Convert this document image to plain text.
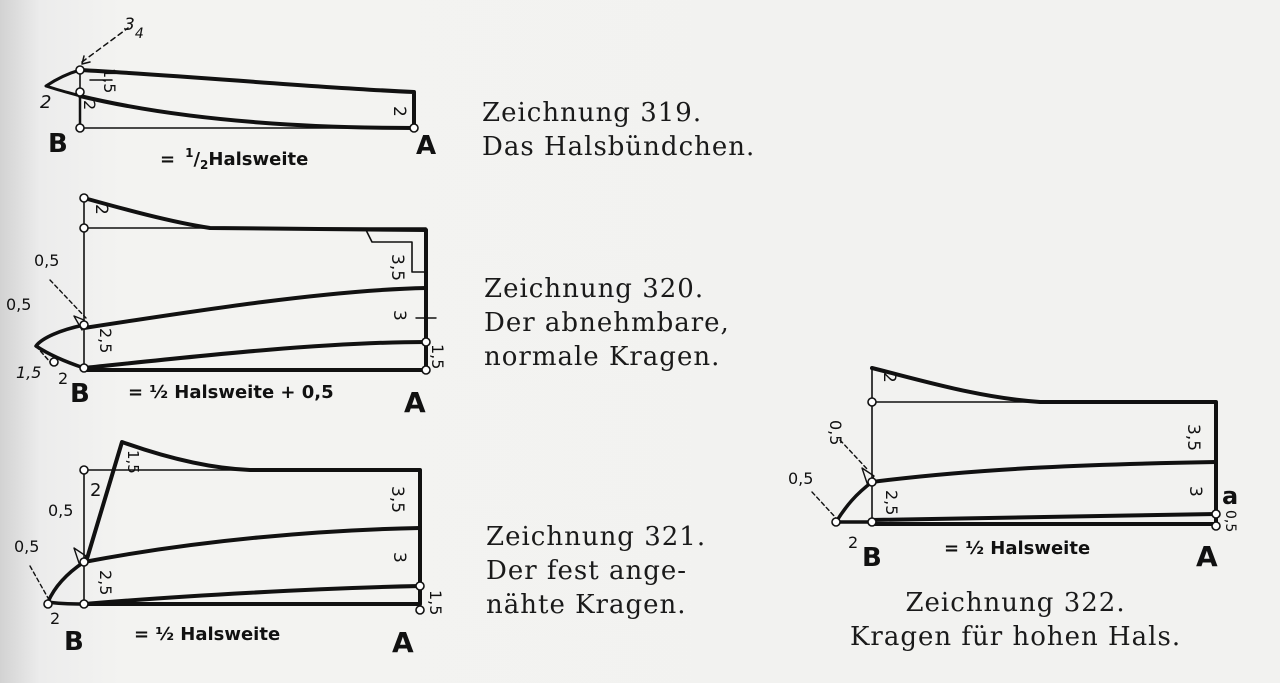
$3_4$
2
1,5
2
2
B	A
= $^1/_2Halsweite$
2
3,5
3
2,5
1,5
0,5
0,5
1,5 2
B	A
= ½ Halsweite + 0,5
1,5
2	3,5
3
2,5
1,5
0,5
0,5
2
B	A
= ½ Halsweite
2
3,5
3
2,5
0,5
0,5
0,5
2
B	A
a
= ½ Halsweite
Zeichnung 319.
Das Halsbündchen.
Zeichnung 320.
Der abnehmbare,
normale Kragen.
Zeichnung 321.
Der fest ange-
nähte Kragen.	Zeichnung 322.
Kragen für hohen Hals.
